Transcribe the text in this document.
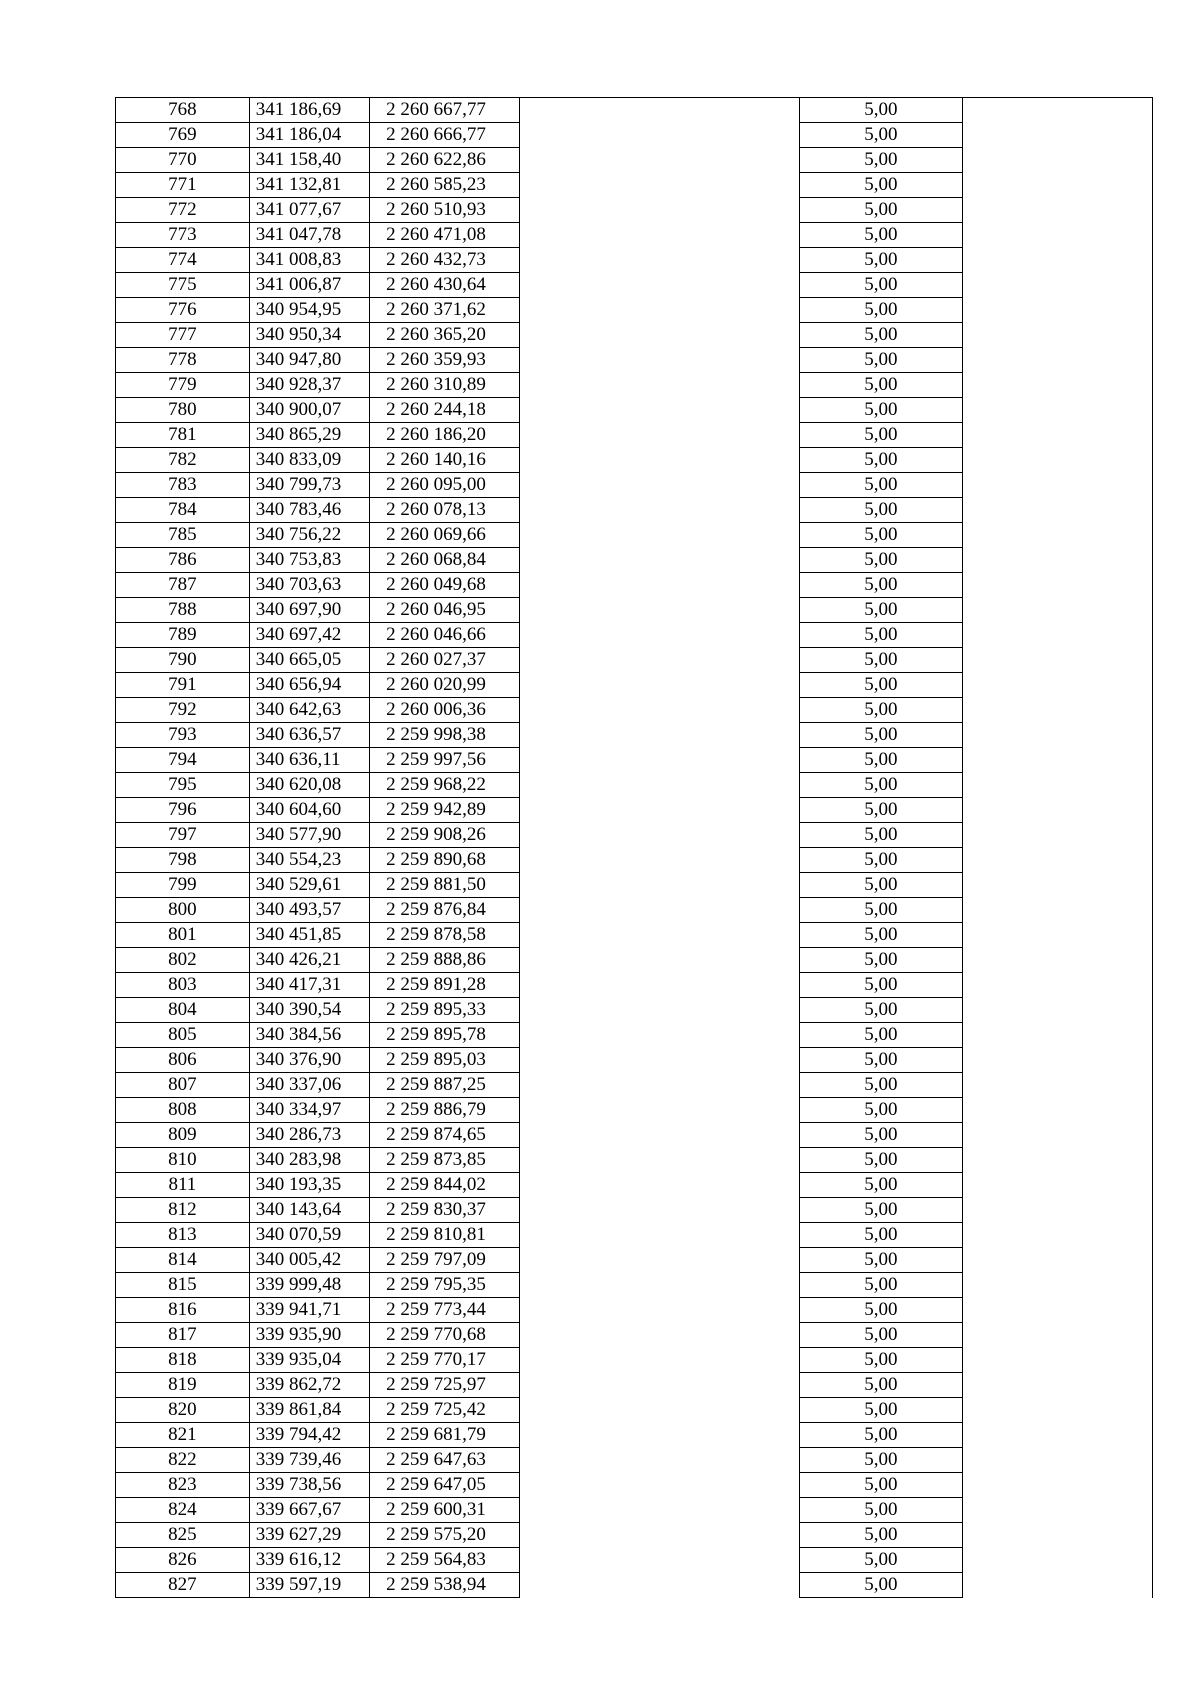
768	341 186,69	2 260 667,77		5,00	
769	341 186,04	2 260 666,77		5,00	
770	341 158,40	2 260 622,86		5,00	
771	341 132,81	2 260 585,23		5,00	
772	341 077,67	2 260 510,93		5,00	
773	341 047,78	2 260 471,08		5,00	
774	341 008,83	2 260 432,73		5,00	
775	341 006,87	2 260 430,64		5,00	
776	340 954,95	2 260 371,62		5,00	
777	340 950,34	2 260 365,20		5,00	
778	340 947,80	2 260 359,93		5,00	
779	340 928,37	2 260 310,89		5,00	
780	340 900,07	2 260 244,18		5,00	
781	340 865,29	2 260 186,20		5,00	
782	340 833,09	2 260 140,16		5,00	
783	340 799,73	2 260 095,00		5,00	
784	340 783,46	2 260 078,13		5,00	
785	340 756,22	2 260 069,66		5,00	
786	340 753,83	2 260 068,84		5,00	
787	340 703,63	2 260 049,68		5,00	
788	340 697,90	2 260 046,95		5,00	
789	340 697,42	2 260 046,66		5,00	
790	340 665,05	2 260 027,37		5,00	
791	340 656,94	2 260 020,99		5,00	
792	340 642,63	2 260 006,36		5,00	
793	340 636,57	2 259 998,38		5,00	
794	340 636,11	2 259 997,56		5,00	
795	340 620,08	2 259 968,22		5,00	
796	340 604,60	2 259 942,89		5,00	
797	340 577,90	2 259 908,26		5,00	
798	340 554,23	2 259 890,68		5,00	
799	340 529,61	2 259 881,50		5,00	
800	340 493,57	2 259 876,84		5,00	
801	340 451,85	2 259 878,58		5,00	
802	340 426,21	2 259 888,86		5,00	
803	340 417,31	2 259 891,28		5,00	
804	340 390,54	2 259 895,33		5,00	
805	340 384,56	2 259 895,78		5,00	
806	340 376,90	2 259 895,03		5,00	
807	340 337,06	2 259 887,25		5,00	
808	340 334,97	2 259 886,79		5,00	
809	340 286,73	2 259 874,65		5,00	
810	340 283,98	2 259 873,85		5,00	
811	340 193,35	2 259 844,02		5,00	
812	340 143,64	2 259 830,37		5,00	
813	340 070,59	2 259 810,81		5,00	
814	340 005,42	2 259 797,09		5,00	
815	339 999,48	2 259 795,35		5,00	
816	339 941,71	2 259 773,44		5,00	
817	339 935,90	2 259 770,68		5,00	
818	339 935,04	2 259 770,17		5,00	
819	339 862,72	2 259 725,97		5,00	
820	339 861,84	2 259 725,42		5,00	
821	339 794,42	2 259 681,79		5,00	
822	339 739,46	2 259 647,63		5,00	
823	339 738,56	2 259 647,05		5,00	
824	339 667,67	2 259 600,31		5,00	
825	339 627,29	2 259 575,20		5,00	
826	339 616,12	2 259 564,83		5,00	
827	339 597,19	2 259 538,94		5,00	
